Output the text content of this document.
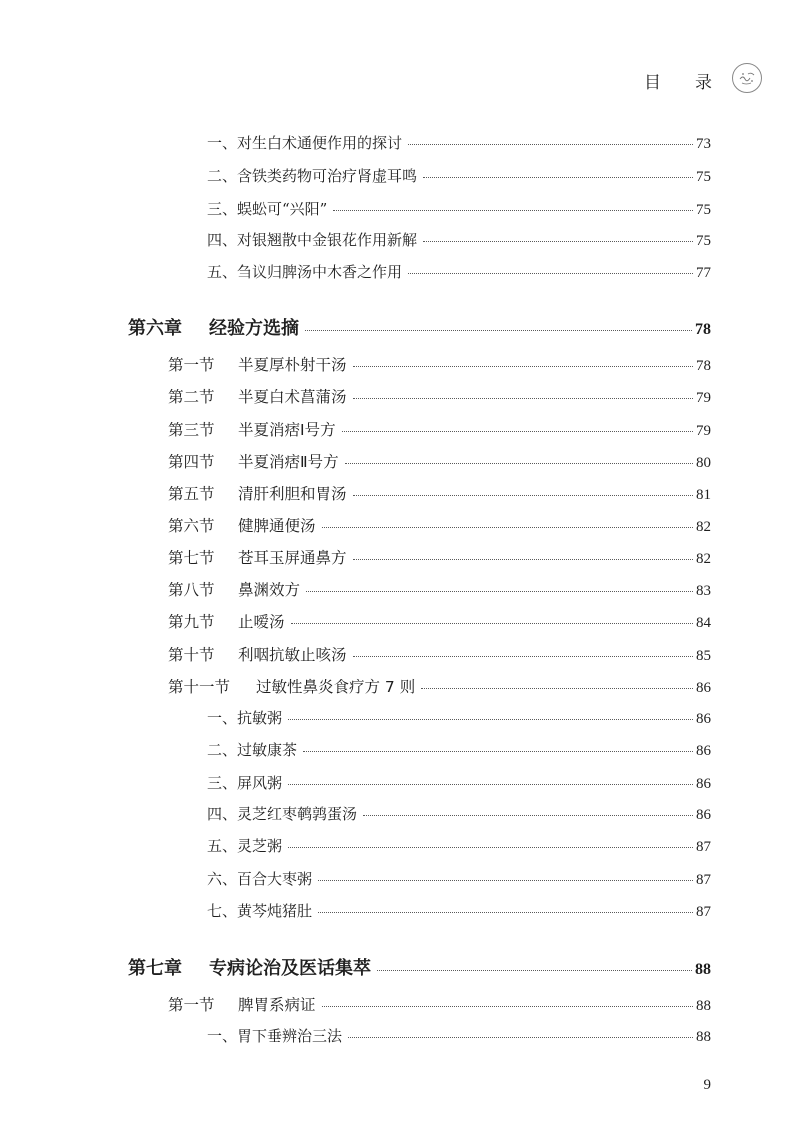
目 录
一、对生白术通便作用的探讨	73
二、含铁类药物可治疗肾虚耳鸣	75
三、蜈蚣可“兴阳”	75
四、对银翘散中金银花作用新解	75
五、刍议归脾汤中木香之作用	77
第六章 经验方选摘	78
第一节 半夏厚朴射干汤	78
第二节 半夏白术菖蒲汤	79
第三节 半夏消痞Ⅰ号方	79
第四节 半夏消痞Ⅱ号方	80
第五节 清肝利胆和胃汤	81
第六节 健脾通便汤	82
第七节 苍耳玉屏通鼻方	82
第八节 鼻渊效方	83
第九节 止嗳汤	84
第十节 利咽抗敏止咳汤	85
第十一节 过敏性鼻炎食疗方 7 则	86
一、抗敏粥	86
二、过敏康茶	86
三、屏风粥	86
四、灵芝红枣鹌鹑蛋汤	86
五、灵芝粥	87
六、百合大枣粥	87
七、黄芩炖猪肚	87
第七章 专病论治及医话集萃	88
第一节 脾胃系病证	88
一、胃下垂辨治三法	88
9
